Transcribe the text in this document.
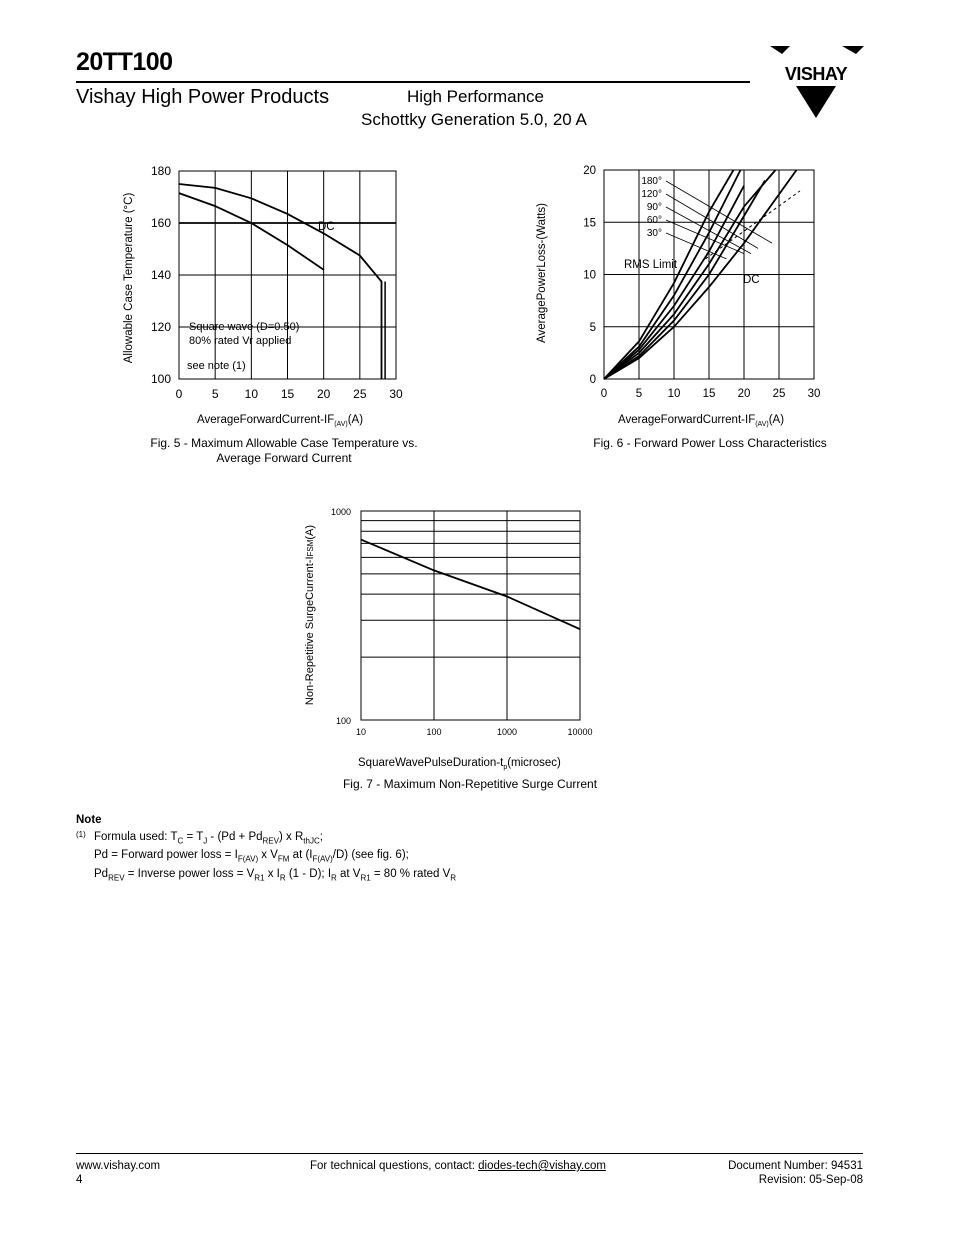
20TT100
Vishay High Power Products	High Performance
Schottky Generation 5.0, 20 A
VISHAY
Allowable Case Temperature (°C)
0 5 10 15 20 25 30
100
120
140
160
180
DC
Square wave (D=0.50)
80% rated Vr applied
see note (1)
AverageForwardCurrent-$IF_{(AV)}(A)$
Fig. 5 - Maximum Allowable Case Temperature vs.
Average Forward Current
AveragePowerLoss-(Watts)
0 5 10 15 20 25 30
0
5
10
15
20
180°
120°
90°
60°
30°
RMS Limit
DC
AverageForwardCurrent-$IF_{(AV)}(A)$
Fig. 6 - Forward Power Loss Characteristics
Non-Repetitive SurgeCurrent-IFSM(A)
10	100	1000	10000
100
1000
SquareWavePulseDuration-$t_p(microsec)$
Fig. 7 - Maximum Non-Repetitive Surge Current
Note
(1) Formula used: $T_C = T_J - (Pd + Pd_{REV})$ x $R_{thJC}$;
Pd = Forward power loss = $I_{F(AV)}$ x $V_{FM}$ at $(I_{F(AV)}/D)$ (see fig. 6);
$Pd_{REV}$ = Inverse power loss = $V_{R1}$ x $I_R$ (1 - D); $I_R$ at $V_{R1} = 80$ % rated $V_R$
www.vishay.com
4
For technical questions, contact: diodes-tech@vishay.com	Document Number: 94531
Revision: 05-Sep-08
